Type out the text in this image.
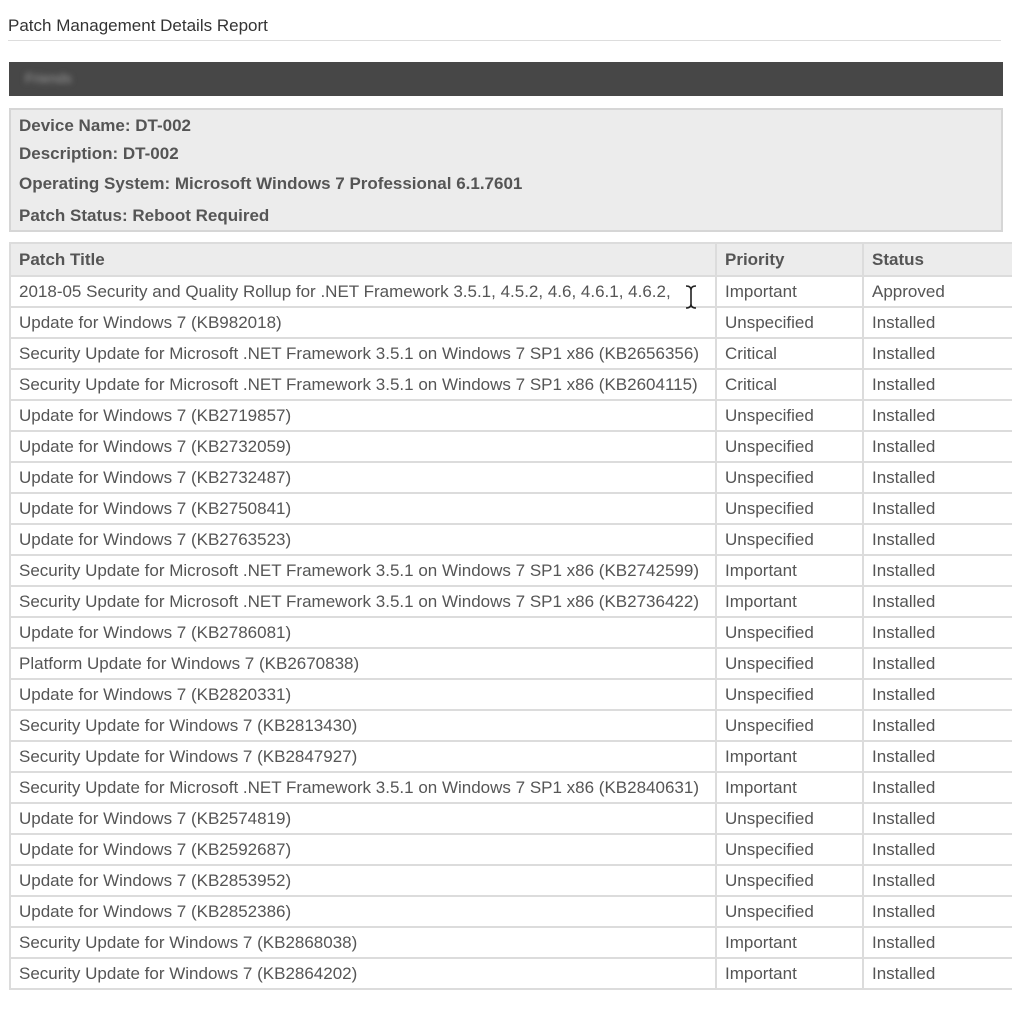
Patch Management Details Report
Friends
Device Name: DT-002
Description: DT-002
Operating System: Microsoft Windows 7 Professional 6.1.7601
Patch Status: Reboot Required
Patch Title	Priority	Status
2018-05 Security and Quality Rollup for .NET Framework 3.5.1, 4.5.2, 4.6, 4.6.1, 4.6.2,	Important	Approved
Update for Windows 7 (KB982018)	Unspecified	Installed
Security Update for Microsoft .NET Framework 3.5.1 on Windows 7 SP1 x86 (KB2656356)	Critical	Installed
Security Update for Microsoft .NET Framework 3.5.1 on Windows 7 SP1 x86 (KB2604115)	Critical	Installed
Update for Windows 7 (KB2719857)	Unspecified	Installed
Update for Windows 7 (KB2732059)	Unspecified	Installed
Update for Windows 7 (KB2732487)	Unspecified	Installed
Update for Windows 7 (KB2750841)	Unspecified	Installed
Update for Windows 7 (KB2763523)	Unspecified	Installed
Security Update for Microsoft .NET Framework 3.5.1 on Windows 7 SP1 x86 (KB2742599)	Important	Installed
Security Update for Microsoft .NET Framework 3.5.1 on Windows 7 SP1 x86 (KB2736422)	Important	Installed
Update for Windows 7 (KB2786081)	Unspecified	Installed
Platform Update for Windows 7 (KB2670838)	Unspecified	Installed
Update for Windows 7 (KB2820331)	Unspecified	Installed
Security Update for Windows 7 (KB2813430)	Unspecified	Installed
Security Update for Windows 7 (KB2847927)	Important	Installed
Security Update for Microsoft .NET Framework 3.5.1 on Windows 7 SP1 x86 (KB2840631)	Important	Installed
Update for Windows 7 (KB2574819)	Unspecified	Installed
Update for Windows 7 (KB2592687)	Unspecified	Installed
Update for Windows 7 (KB2853952)	Unspecified	Installed
Update for Windows 7 (KB2852386)	Unspecified	Installed
Security Update for Windows 7 (KB2868038)	Important	Installed
Security Update for Windows 7 (KB2864202)	Important	Installed
